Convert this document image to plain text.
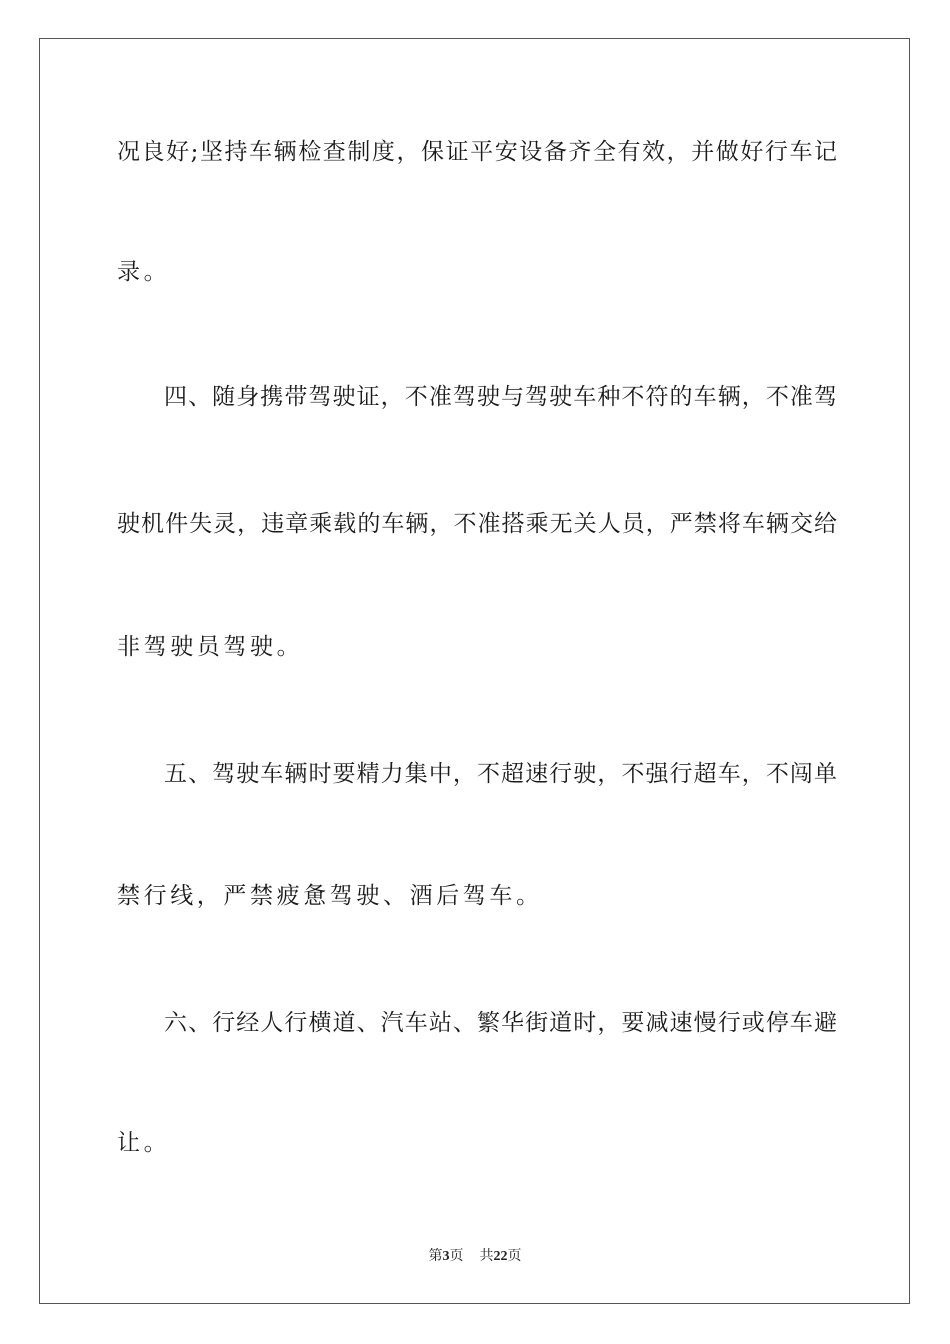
况良好;坚持车辆检查制度，保证平安设备齐全有效，并做好行车记
录。
四、随身携带驾驶证，不准驾驶与驾驶车种不符的车辆，不准驾
驶机件失灵，违章乘载的车辆，不准搭乘无关人员，严禁将车辆交给
非驾驶员驾驶。
五、驾驶车辆时要精力集中，不超速行驶，不强行超车，不闯单
禁行线，严禁疲惫驾驶、酒后驾车。
六、行经人行横道、汽车站、繁华街道时，要减速慢行或停车避
让。
第3页 共22页
